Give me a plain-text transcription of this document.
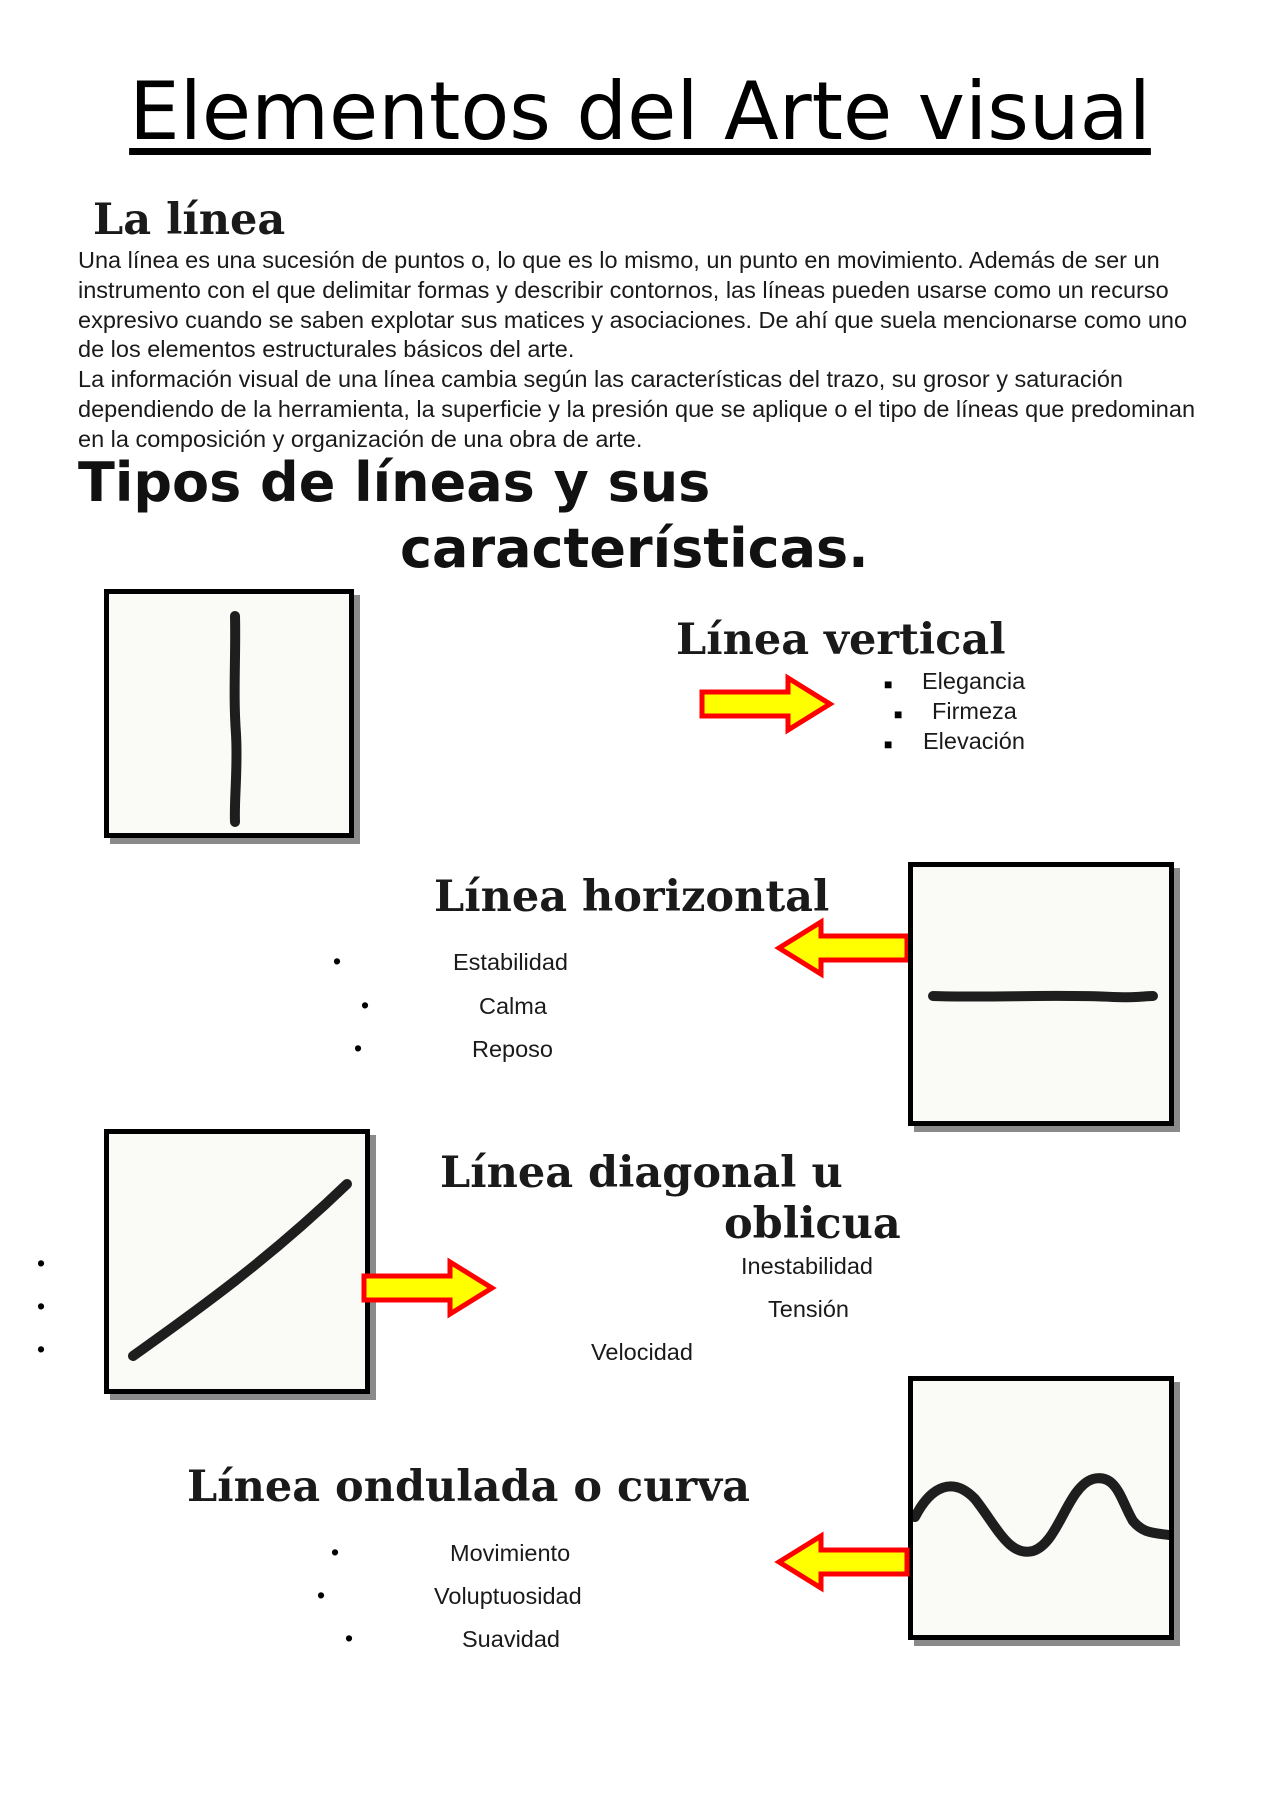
Elementos del Arte visual
La línea

Una línea es una sucesión de puntos o, lo que es lo mismo, un punto en movimiento. Además de ser un instrumento con el que delimitar formas y describir contornos, las líneas pueden usarse como un recurso expresivo cuando se saben explotar sus matices y asociaciones. De ahí que suela mencionarse como uno de los elementos estructurales básicos del arte.

La información visual de una línea cambia según las características del trazo, su grosor y saturación dependiendo de la herramienta, la superficie y la presión que se aplique o el tipo de líneas que predominan en la composición y organización de una obra de arte.

Tipos de líneas y sus
características.
Línea vertical
■ Elegancia
■ Firmeza
■ Elevación
Línea horizontal
•	Estabilidad
•	Calma
•	Reposo
Línea diagonal u
oblicua
•
•
•
Inestabilidad
Tensión
Velocidad
Línea ondulada o curva
•	Movimiento
•	Voluptuosidad
•	Suavidad
